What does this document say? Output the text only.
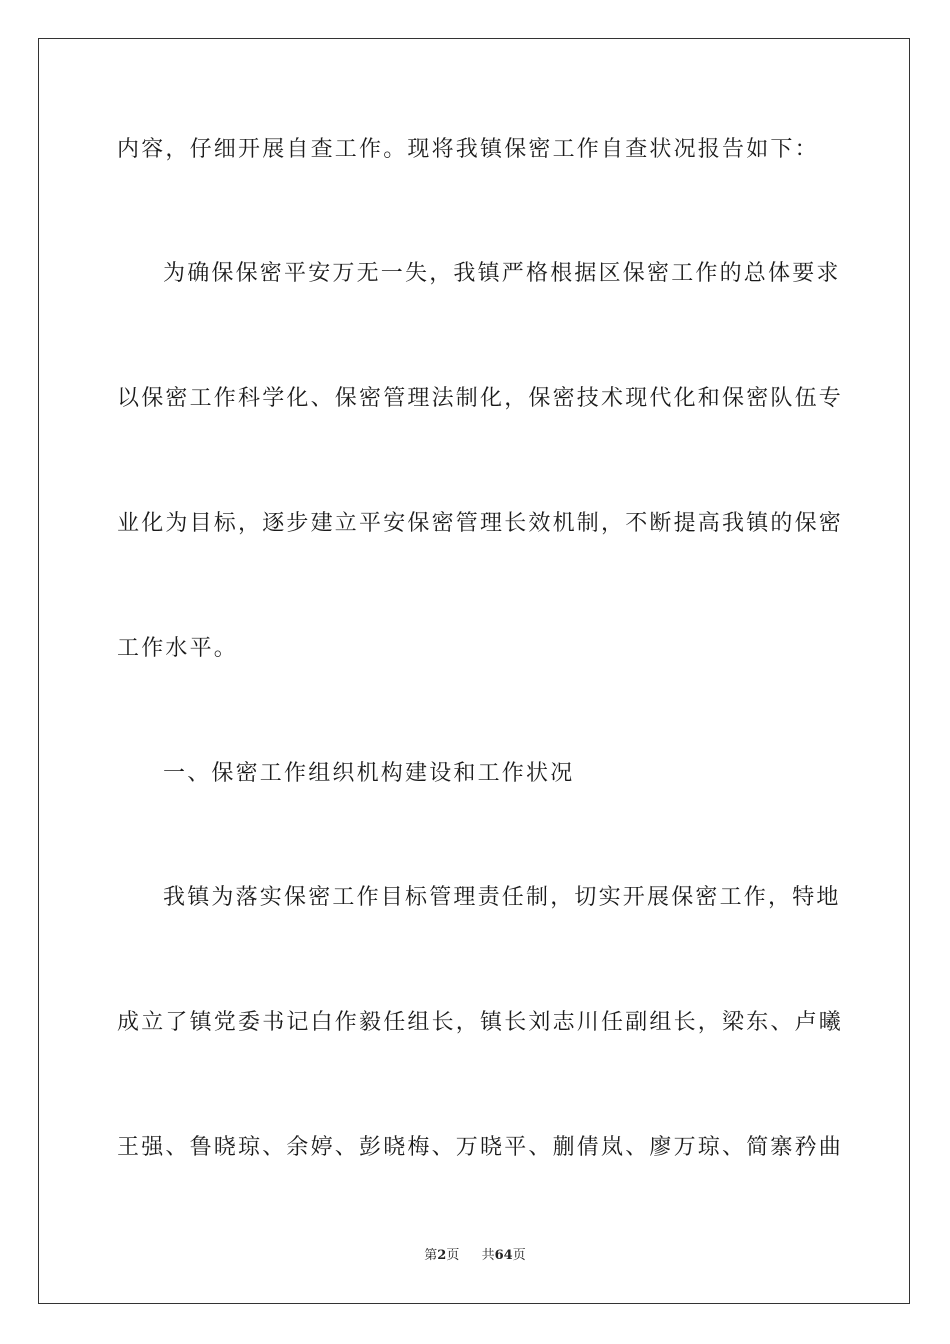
内容，仔细开展自查工作。现将我镇保密工作自查状况报告如下：
为确保保密平安万无一失，我镇严格根据区保密工作的总体要求
以保密工作科学化、保密管理法制化，保密技术现代化和保密队伍专
业化为目标，逐步建立平安保密管理长效机制，不断提高我镇的保密
工作水平。
一、保密工作组织机构建设和工作状况
我镇为落实保密工作目标管理责任制，切实开展保密工作，特地
成立了镇党委书记白作毅任组长，镇长刘志川任副组长，梁东、卢曦
王强、鲁晓琼、余婷、彭晓梅、万晓平、蒯倩岚、廖万琼、简寨矜曲
第2页 共64页
